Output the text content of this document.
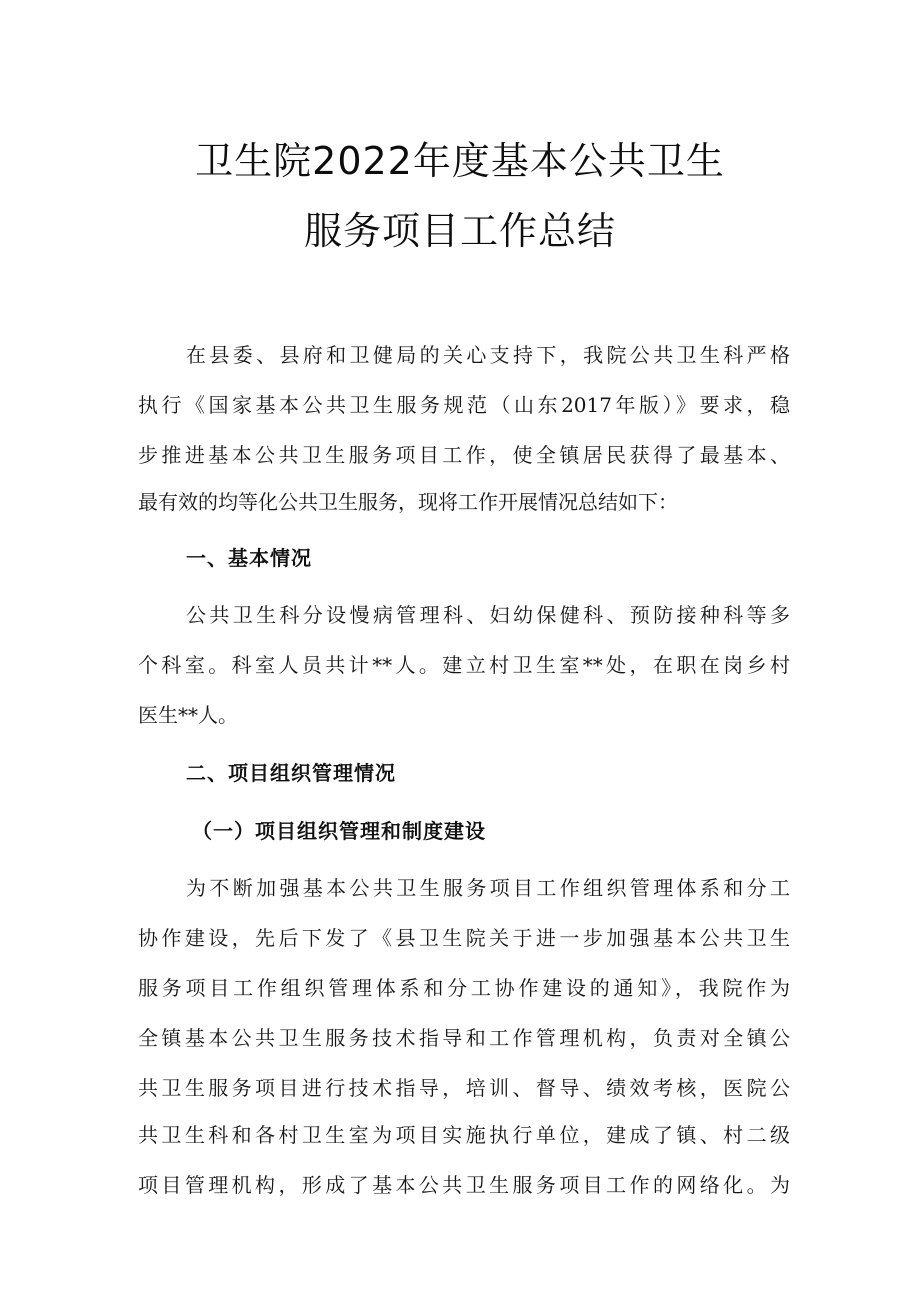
卫生院2022年度基本公共卫生
服务项目工作总结
在县委、县府和卫健局的关心支持下，我院公共卫生科严格
执行《国家基本公共卫生服务规范（山东2017年版）》要求，稳
步推进基本公共卫生服务项目工作，使全镇居民获得了最基本、
最有效的均等化公共卫生服务，现将工作开展情况总结如下：
一、基本情况
公共卫生科分设慢病管理科、妇幼保健科、预防接种科等多
个科室。科室人员共计**人。建立村卫生室**处，在职在岗乡村
医生**人。
二、项目组织管理情况
（一）项目组织管理和制度建设
为不断加强基本公共卫生服务项目工作组织管理体系和分工
协作建设，先后下发了《县卫生院关于进一步加强基本公共卫生
服务项目工作组织管理体系和分工协作建设的通知》，我院作为
全镇基本公共卫生服务技术指导和工作管理机构，负责对全镇公
共卫生服务项目进行技术指导，培训、督导、绩效考核，医院公
共卫生科和各村卫生室为项目实施执行单位，建成了镇、村二级
项目管理机构，形成了基本公共卫生服务项目工作的网络化。为
